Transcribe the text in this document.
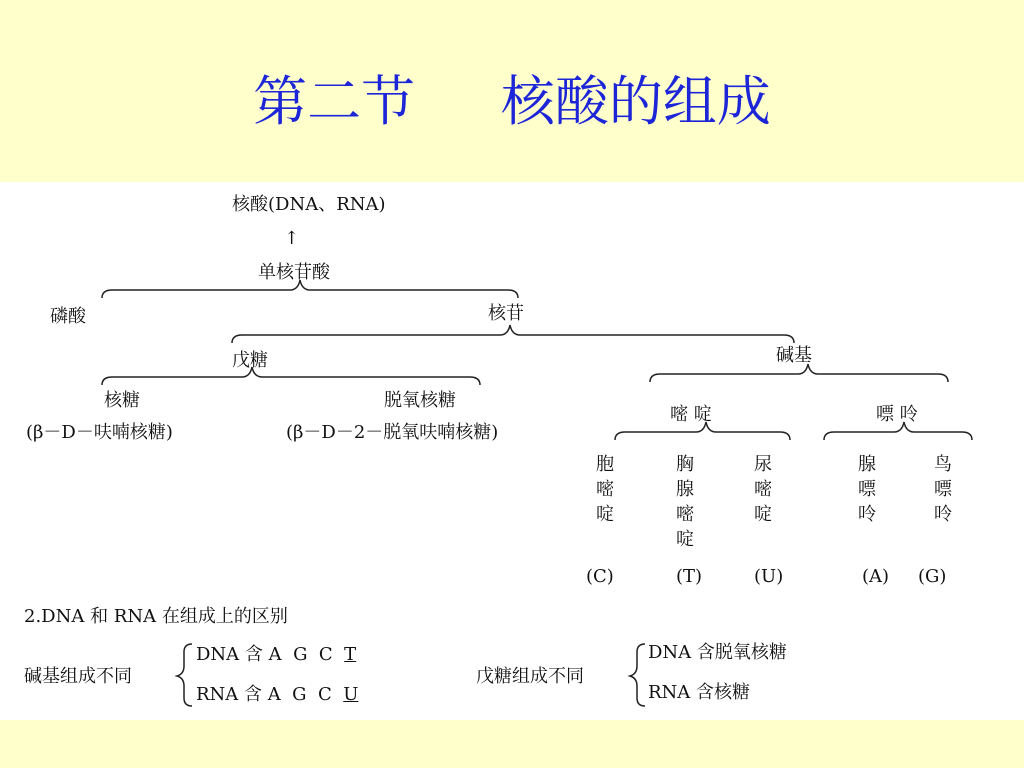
第二节     核酸的组成
核酸(DNA、RNA)
↑
单核苷酸
磷酸	核苷
戊糖	碱基
核糖
(β－D－呋喃核糖)
脱氧核糖
(β－D－2－脱氧呋喃核糖)
嘧 啶	嘌 呤
胞
嘧
啶
胸
腺
嘧
啶
尿
嘧
啶
腺
嘌
呤
鸟
嘌
呤
(C)	(T)	(U)	(A) (G)
2.DNA 和 RNA 在组成上的区别
碱基组成不同
DNA 含 A  G  C T
RNA 含 A  G  C U
戊糖组成不同
DNA 含脱氧核糖
RNA 含核糖
